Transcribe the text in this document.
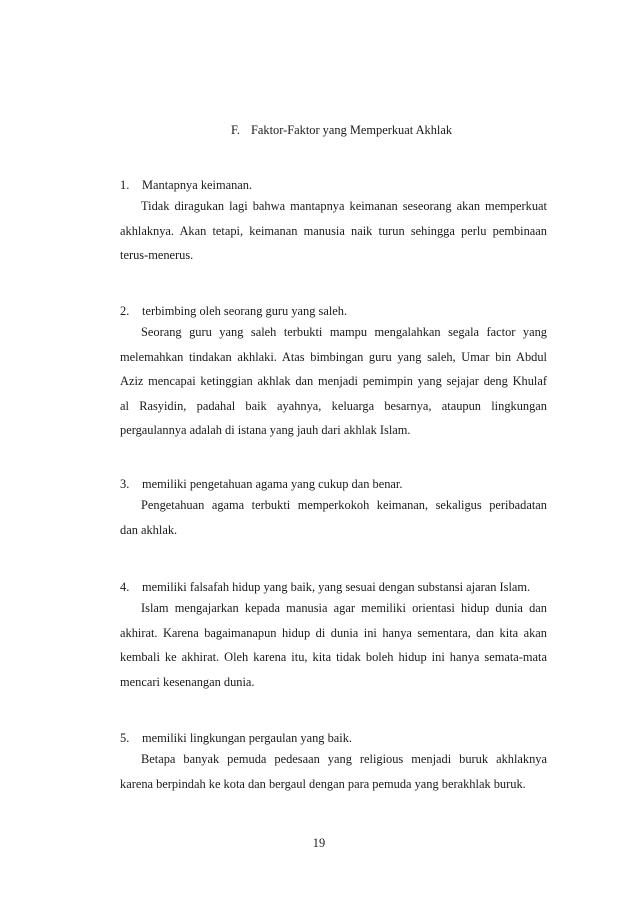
F. Faktor-Faktor yang Memperkuat Akhlak
1. Mantapnya keimanan.
Tidak diragukan lagi bahwa mantapnya keimanan seseorang akan memperkuat
akhlaknya. Akan tetapi, keimanan manusia naik turun sehingga perlu pembinaan
terus-menerus.
2. terbimbing oleh seorang guru yang saleh.
Seorang guru yang saleh terbukti mampu mengalahkan segala factor yang
melemahkan tindakan akhlaki. Atas bimbingan guru yang saleh, Umar bin Abdul
Aziz mencapai ketinggian akhlak dan menjadi pemimpin yang sejajar deng Khulaf
al Rasyidin, padahal baik ayahnya, keluarga besarnya, ataupun lingkungan
pergaulannya adalah di istana yang jauh dari akhlak Islam.
3. memiliki pengetahuan agama yang cukup dan benar.
Pengetahuan agama terbukti memperkokoh keimanan, sekaligus peribadatan
dan akhlak.
4. memiliki falsafah hidup yang baik, yang sesuai dengan substansi ajaran Islam.
Islam mengajarkan kepada manusia agar memiliki orientasi hidup dunia dan
akhirat. Karena bagaimanapun hidup di dunia ini hanya sementara, dan kita akan
kembali ke akhirat. Oleh karena itu, kita tidak boleh hidup ini hanya semata-mata
mencari kesenangan dunia.
5. memiliki lingkungan pergaulan yang baik.
Betapa banyak pemuda pedesaan yang religious menjadi buruk akhlaknya
karena berpindah ke kota dan bergaul dengan para pemuda yang berakhlak buruk.
19
